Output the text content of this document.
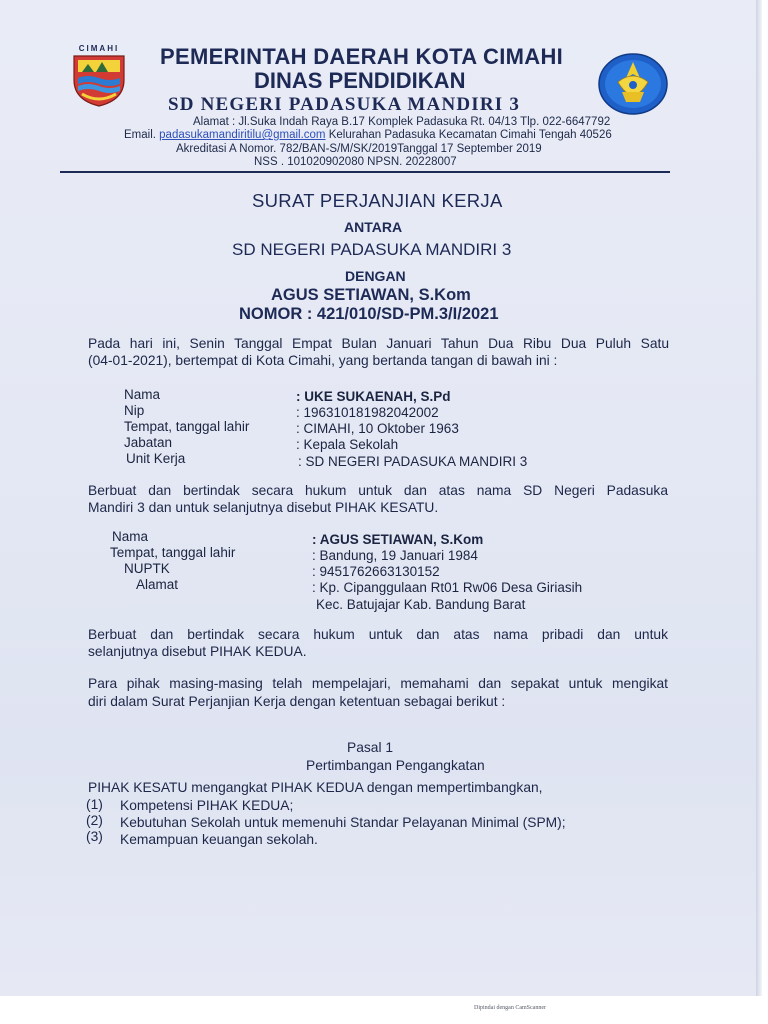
CIMAHI PEMERINTAH DAERAH KOTA CIMAHI
DINAS PENDIDIKAN
SD NEGERI PADASUKA MANDIRI 3
Alamat : Jl.Suka Indah Raya B.17 Komplek Padasuka Rt. 04/13 Tlp. 022-6647792
Email. padasukamandiritilu@gmail.com Kelurahan Padasuka Kecamatan Cimahi Tengah 40526
Akreditasi A Nomor. 782/BAN-S/M/SK/2019Tanggal 17 September 2019
NSS . 101020902080 NPSN. 20228007
SURAT PERJANJIAN KERJA
ANTARA
SD NEGERI PADASUKA MANDIRI 3
DENGAN
AGUS SETIAWAN, S.Kom
NOMOR : 421/010/SD-PM.3/I/2021
Pada hari ini, Senin Tanggal Empat Bulan Januari Tahun Dua Ribu Dua Puluh Satu
(04-01-2021), bertempat di Kota Cimahi, yang bertanda tangan di bawah ini :
Nama	: UKE SUKAENAH, S.Pd
Nip	: 196310181982042002
Tempat, tanggal lahir	: CIMAHI, 10 Oktober 1963
Jabatan	: Kepala Sekolah
Unit Kerja	: SD NEGERI PADASUKA MANDIRI 3
Berbuat dan bertindak secara hukum untuk dan atas nama SD Negeri Padasuka
Mandiri 3 dan untuk selanjutnya disebut PIHAK KESATU.
Nama	: AGUS SETIAWAN, S.Kom
Tempat, tanggal lahir	: Bandung, 19 Januari 1984
NUPTK	: 9451762663130152
Alamat	: Kp. Cipanggulaan Rt01 Rw06 Desa Giriasih
Kec. Batujajar Kab. Bandung Barat
Berbuat dan bertindak secara hukum untuk dan atas nama pribadi dan untuk
selanjutnya disebut PIHAK KEDUA.
Para pihak masing-masing telah mempelajari, memahami dan sepakat untuk mengikat
diri dalam Surat Perjanjian Kerja dengan ketentuan sebagai berikut :
Pasal 1
Pertimbangan Pengangkatan
PIHAK KESATU mengangkat PIHAK KEDUA dengan mempertimbangkan,
(1) Kompetensi PIHAK KEDUA;
(2) Kebutuhan Sekolah untuk memenuhi Standar Pelayanan Minimal (SPM);
(3) Kemampuan keuangan sekolah.
Dipindai dengan CamScanner
